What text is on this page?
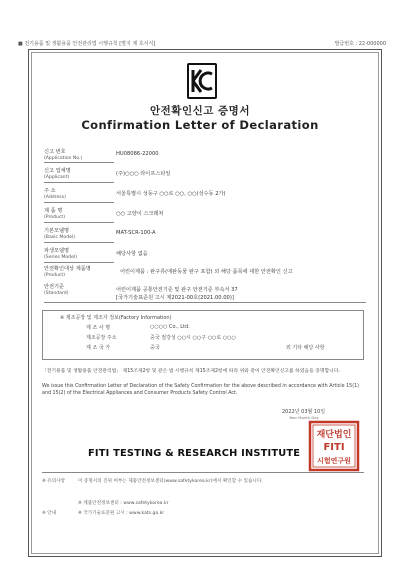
■ 전기용품 및 생활용품 안전관리법 시행규칙 [별지 제 호서식]	발급번호 : 22-000000
안전확인신고 증명서
Confirmation Letter of Declaration
신고 번호
(Application No.)
HU08086-22000
신고 업체명
(Applicant)	(주)○○○ 라이프스타일
주 소
(Address)	서울특별시 성동구 ○○로 ○○, ○○(성수동 2가)
제 품 명
(Product)	○○ 고양이 스크래쳐
기본모델명
(Basic Model)
MAT-SCR-100-A
파생모델명
(Series Model)	해당사항 없음
안전확인대상 제품명
(Product)	어린이제품 : 완구류(애완동물 완구 포함) 외 해당 품목에 대한 안전확인 신고
안전기준
(Standard)	어린이제품 공통안전기준 및 완구 안전기준 부속서 37
[국가기술표준원 고시 제2021-00호(2021.00.00)]
※ 제조공장 및 제조자 정보(Factory Information)
제 조 사 명	○○○○ Co., Ltd.
제조공장 주소	중국 절강성 ○○시 ○○구 ○○로 ○○○
제 조 국 가	중국	외 기타 해당 사항
「전기용품 및 생활용품 안전관리법」 제15조제2항 및 같은 법 시행규칙 제15조제2항에 따라 위와 같이 안전확인신고를 하였음을 증명합니다.
We issue this Confirmation Letter of Declaration of the Safety Confirmation for the above described in accordance with Article 15(1) and 15(2) of the Electrical Appliances and Consumer Products Safety Control Act.
2022년 03월 10일
Year Month Day
FITI TESTING & RESEARCH INSTITUTE
재단법인
FITI
시험연구원
※ 유의사항	이 증명서의 진위 여부는 제품안전정보센터(www.safetykorea.kr)에서 확인할 수 있습니다.
※ 제품안전정보센터 : www.safetykorea.kr
※ 안내	※ 국가기술표준원 고시 : www.kats.go.kr
